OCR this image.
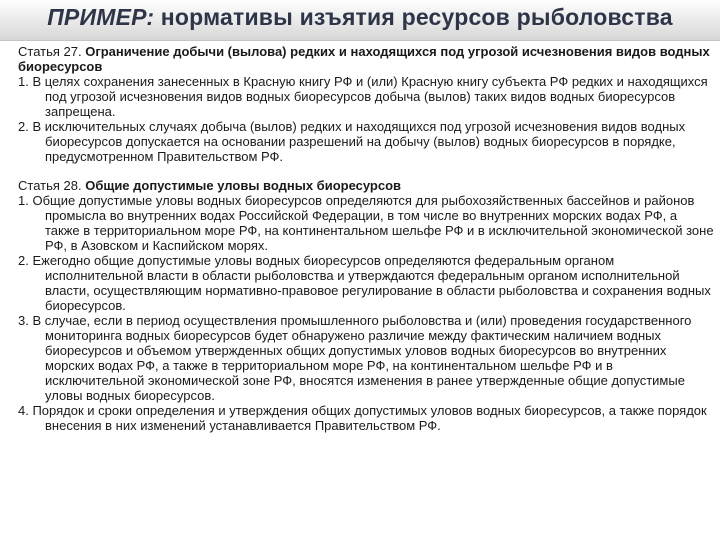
ПРИМЕР: нормативы изъятия ресурсов рыболовства

Статья 27. Ограничение добычи (вылова) редких и находящихся под угрозой исчезновения видов водных биоресурсов

1. В целях сохранения занесенных в Красную книгу РФ и (или) Красную книгу субъекта РФ редких и находящихся под угрозой исчезновения видов водных биоресурсов добыча (вылов) таких видов водных биоресурсов запрещена.

2. В исключительных случаях добыча (вылов) редких и находящихся под угрозой исчезновения видов водных биоресурсов допускается на основании разрешений на добычу (вылов) водных биоресурсов в порядке, предусмотренном Правительством РФ.

Статья 28. Общие допустимые уловы водных биоресурсов

1. Общие допустимые уловы водных биоресурсов определяются для рыбохозяйственных бассейнов и районов промысла во внутренних водах Российской Федерации, в том числе во внутренних морских водах РФ, а также в территориальном море РФ, на континентальном шельфе РФ и в исключительной экономической зоне РФ, в Азовском и Каспийском морях.

2. Ежегодно общие допустимые уловы водных биоресурсов определяются федеральным органом исполнительной власти в области рыболовства и утверждаются федеральным органом исполнительной власти, осуществляющим нормативно-правовое регулирование в области рыболовства и сохранения водных биоресурсов.

3. В случае, если в период осуществления промышленного рыболовства и (или) проведения государственного мониторинга водных биоресурсов будет обнаружено различие между фактическим наличием водных биоресурсов и объемом утвержденных общих допустимых уловов водных биоресурсов во внутренних морских водах РФ, а также в территориальном море РФ, на континентальном шельфе РФ и в исключительной экономической зоне РФ, вносятся изменения в ранее утвержденные общие допустимые уловы водных биоресурсов.

4. Порядок и сроки определения и утверждения общих допустимых уловов водных биоресурсов, а также порядок внесения в них изменений устанавливается Правительством РФ.
